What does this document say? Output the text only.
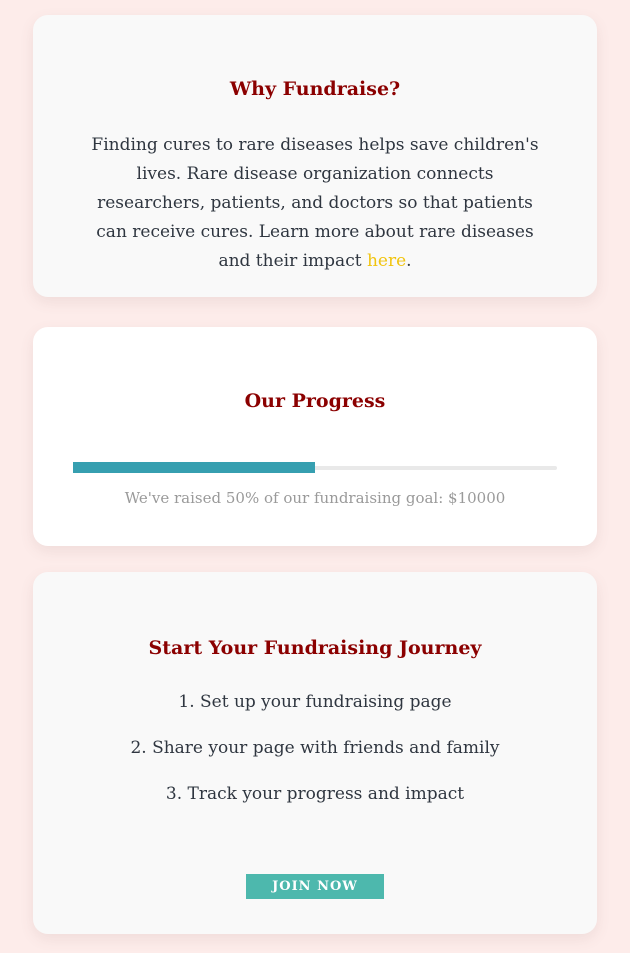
Why Fundraise?

Finding cures to rare diseases helps save children's lives. Rare disease organization connects researchers, patients, and doctors so that patients can receive cures. Learn more about rare diseases and their impact here.

Our Progress

We've raised 50% of our fundraising goal: $10000

Start Your Fundraising Journey

1. Set up your fundraising page

2. Share your page with friends and family

3. Track your progress and impact

JOIN NOW
